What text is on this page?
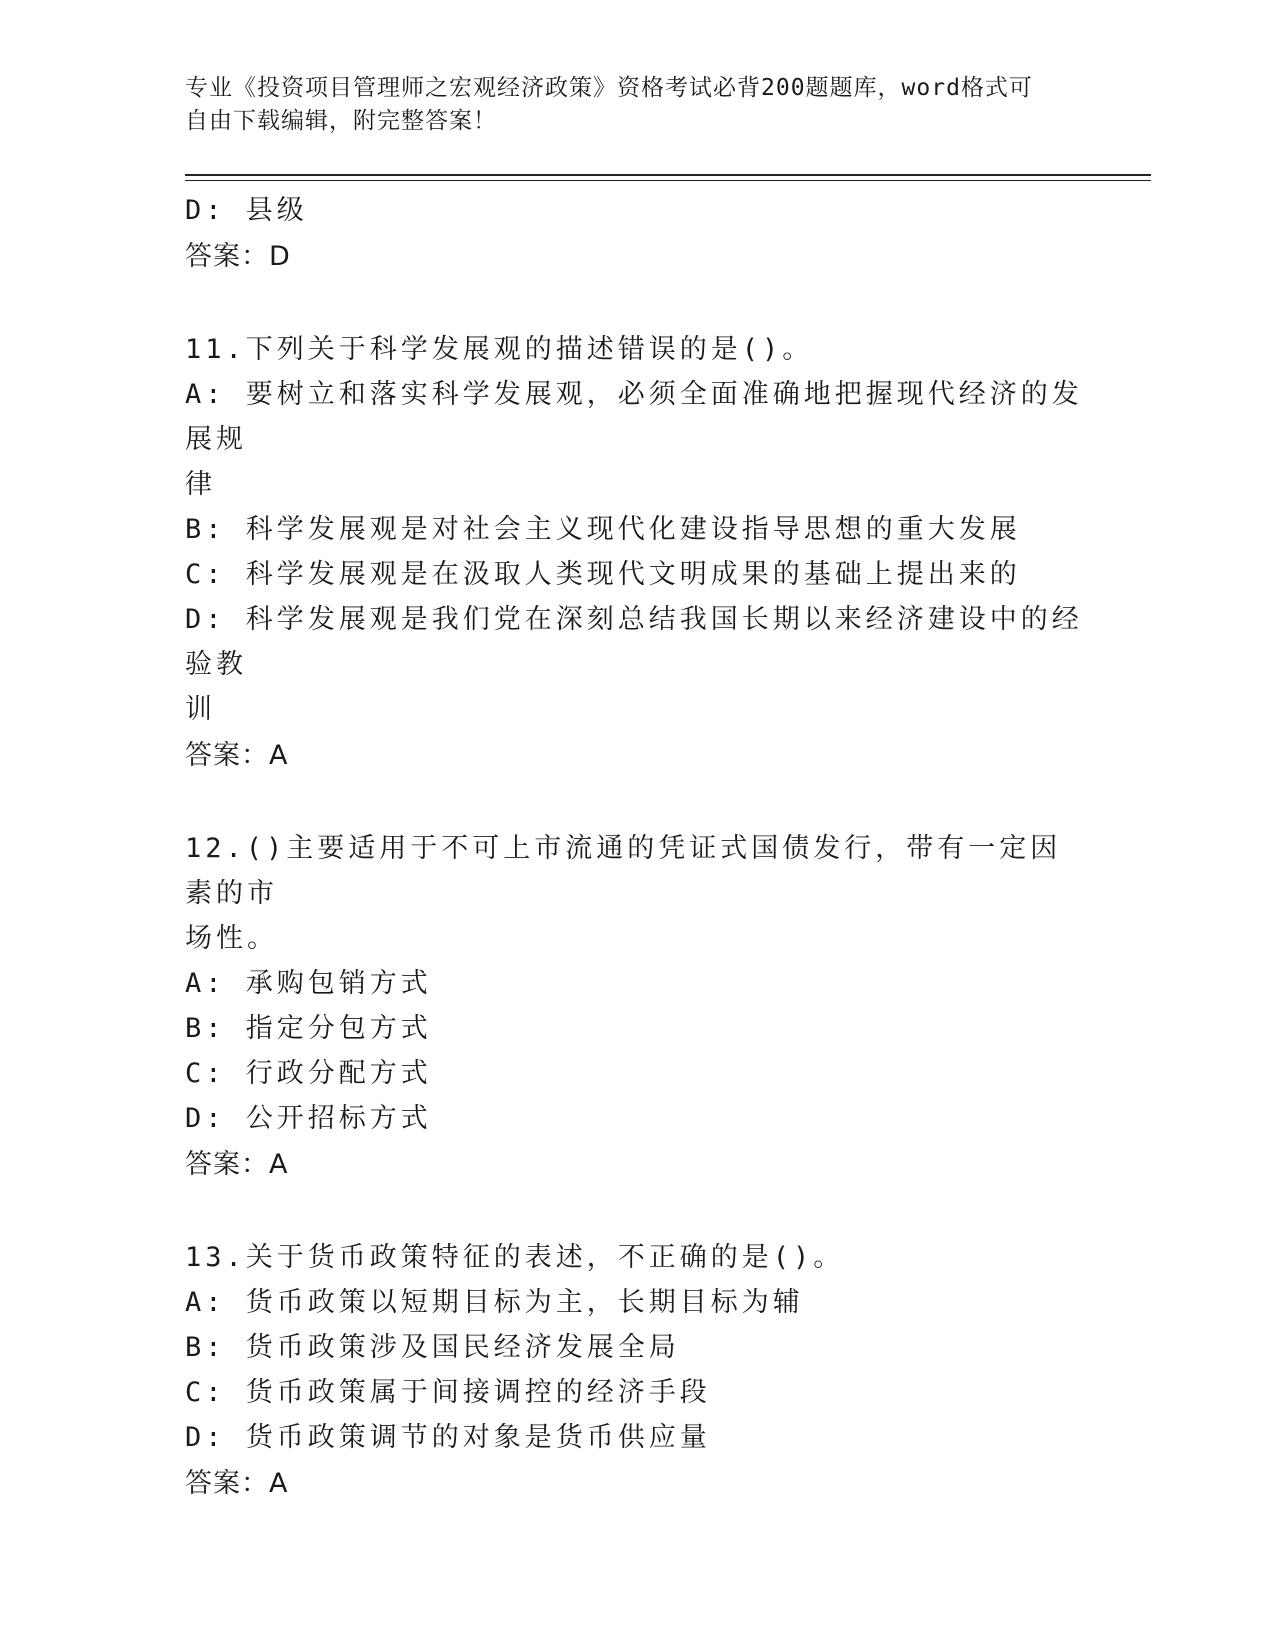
专业《投资项目管理师之宏观经济政策》资格考试必背200题题库，word格式可
自由下载编辑，附完整答案！
D: 县级
答案：D
11.下列关于科学发展观的描述错误的是()。
A: 要树立和落实科学发展观，必须全面准确地把握现代经济的发展规
律
B: 科学发展观是对社会主义现代化建设指导思想的重大发展
C: 科学发展观是在汲取人类现代文明成果的基础上提出来的
D: 科学发展观是我们党在深刻总结我国长期以来经济建设中的经验教
训
答案：A
12.()主要适用于不可上市流通的凭证式国债发行，带有一定因素的市
场性。
A: 承购包销方式
B: 指定分包方式
C: 行政分配方式
D: 公开招标方式
答案：A
13.关于货币政策特征的表述，不正确的是()。
A: 货币政策以短期目标为主，长期目标为辅
B: 货币政策涉及国民经济发展全局
C: 货币政策属于间接调控的经济手段
D: 货币政策调节的对象是货币供应量
答案：A
